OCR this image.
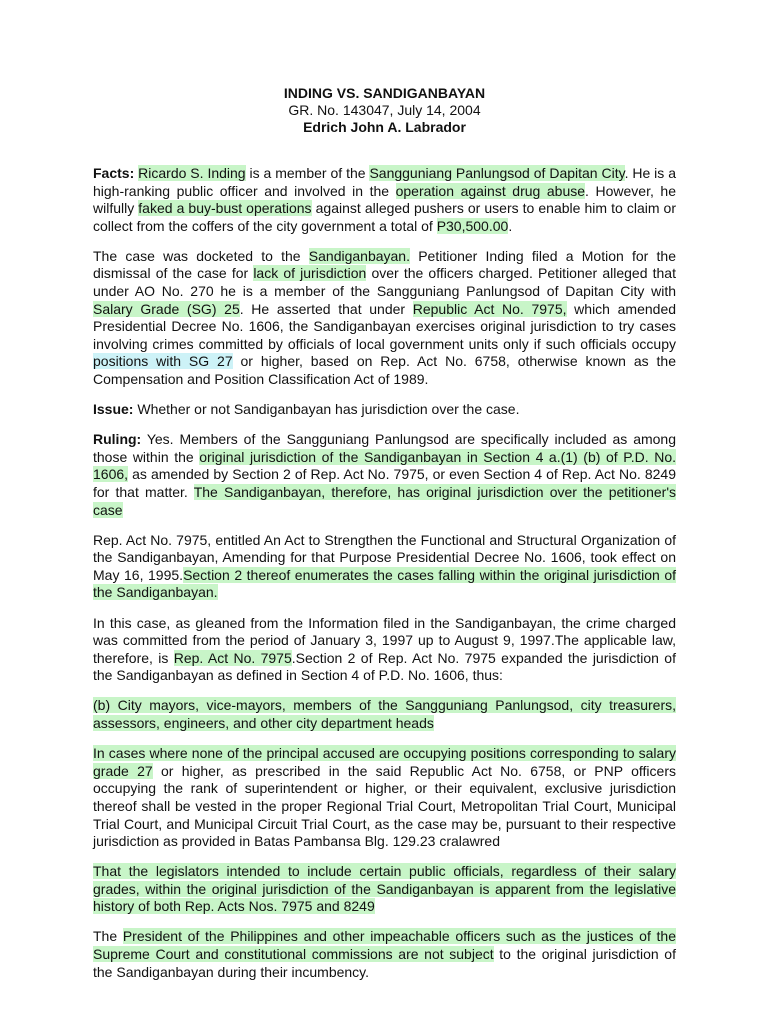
INDING VS. SANDIGANBAYAN
GR. No. 143047, July 14, 2004
Edrich John A. Labrador

Facts: Ricardo S. Inding is a member of the Sangguniang Panlungsod of Dapitan City. He is a high-ranking public officer and involved in the operation against drug abuse. However, he wilfully faked a buy-bust operations against alleged pushers or users to enable him to claim or collect from the coffers of the city government a total of P30,500.00.

The case was docketed to the Sandiganbayan. Petitioner Inding filed a Motion for the dismissal of the case for lack of jurisdiction over the officers charged. Petitioner alleged that under AO No. 270 he is a member of the Sangguniang Panlungsod of Dapitan City with Salary Grade (SG) 25. He asserted that under Republic Act No. 7975, which amended Presidential Decree No. 1606, the Sandiganbayan exercises original jurisdiction to try cases involving crimes committed by officials of local government units only if such officials occupy positions with SG 27 or higher, based on Rep. Act No. 6758, otherwise known as the Compensation and Position Classification Act of 1989.

Issue: Whether or not Sandiganbayan has jurisdiction over the case.

Ruling: Yes. Members of the Sangguniang Panlungsod are specifically included as among those within the original jurisdiction of the Sandiganbayan in Section 4 a.(1) (b) of P.D. No. 1606, as amended by Section 2 of Rep. Act No. 7975, or even Section 4 of Rep. Act No. 8249 for that matter. The Sandiganbayan, therefore, has original jurisdiction over the petitioner's case

Rep. Act No. 7975, entitled An Act to Strengthen the Functional and Structural Organization of the Sandiganbayan, Amending for that Purpose Presidential Decree No. 1606, took effect on May 16, 1995.Section 2 thereof enumerates the cases falling within the original jurisdiction of the Sandiganbayan.

In this case, as gleaned from the Information filed in the Sandiganbayan, the crime charged was committed from the period of January 3, 1997 up to August 9, 1997.The applicable law, therefore, is Rep. Act No. 7975.Section 2 of Rep. Act No. 7975 expanded the jurisdiction of the Sandiganbayan as defined in Section 4 of P.D. No. 1606, thus:

(b) City mayors, vice-mayors, members of the Sangguniang Panlungsod, city treasurers, assessors, engineers, and other city department heads

In cases where none of the principal accused are occupying positions corresponding to salary grade 27 or higher, as prescribed in the said Republic Act No. 6758, or PNP officers occupying the rank of superintendent or higher, or their equivalent, exclusive jurisdiction thereof shall be vested in the proper Regional Trial Court, Metropolitan Trial Court, Municipal Trial Court, and Municipal Circuit Trial Court, as the case may be, pursuant to their respective jurisdiction as provided in Batas Pambansa Blg. 129.23 cralawred

That the legislators intended to include certain public officials, regardless of their salary grades, within the original jurisdiction of the Sandiganbayan is apparent from the legislative history of both Rep. Acts Nos. 7975 and 8249

The President of the Philippines and other impeachable officers such as the justices of the Supreme Court and constitutional commissions are not subject to the original jurisdiction of the Sandiganbayan during their incumbency.
